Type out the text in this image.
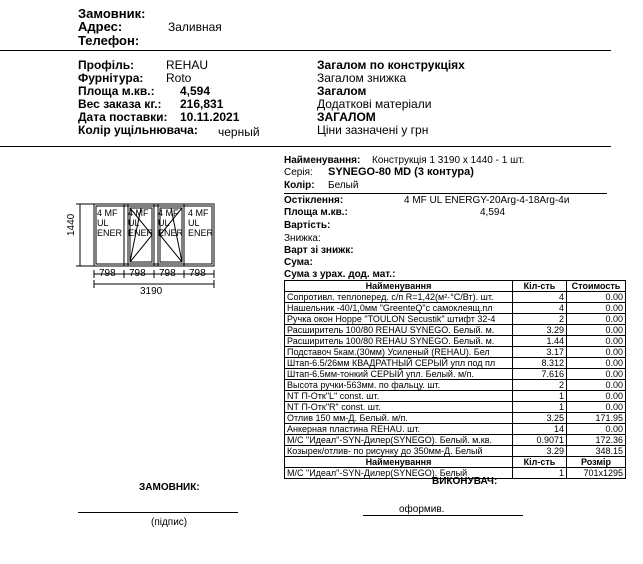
Замовник:
Адрес:	Заливная
Телефон:
Профіль:	REHAU
Фурнітура: Roto
Площа м.кв.: 4,594
Вес заказа кг.: 216,831
Дата поставки: 10.11.2021
Колір ущільнювача: черный
Загалом по конструкціях
Загалом знижка
Загалом
Додаткові матеріали
ЗАГАЛОМ
Ціни зазначені у грн
Найменування: Конструкція 1 3190 x 1440 - 1 шт.
Серія: SYNEGO-80 MD (3 контура)
Колір: Белый
Остіклення:	4 MF UL ENERGY-20Arg-4-18Arg-4и
Площа м.кв.:	4,594
Вартість:
Знижка:
Варт зі знижк:
Сума:
Сума з урах. дод. мат.:
1440
4 MF UL ENER
4 MF UL ENER
4 MF UL ENER
4 MF UL ENER
798 798 798 798
3190	Найменування	Кіл-сть	Стоимость
Сопротивл. теплоперед. с/п R=1,42(м²·°С/Вт). шт.	4	0.00
Нашельник -40/1,0мм "GreenteQ"с самоклеящ.пл	4	0.00
Ручка окон Hoppe "TOULON Secustik" штифт 32-4	2	0.00
Расширитель 100/80 REHAU SYNEGO. Белый. м.	3.29	0.00
Расширитель 100/80 REHAU SYNEGO. Белый. м.	1.44	0.00
Подставоч 5кам.(30мм) Усиленый (REHAU). Бел	3.17	0.00
Штап-6.5/26мм КВАДРАТНЫЙ СЕРЫЙ упл под пл	8.312	0.00
Штап-6.5мм-тонкий СЕРЫЙ упл. Белый. м/п.	7.616	0.00
Высота ручки-563мм. по фальцу. шт.	2	0.00
NT П-Отк"L" const. шт.	1	0.00
NT П-Отк"R" const. шт.	1	0.00
Отлив 150 мм-Д. Белый. м/п.	3.25	171.95
Анкерная пластина REHAU. шт.	14	0.00
М/С "Идеал"-SYN-Дилер(SYNEGO). Белый. м.кв.	0.9071	172.36
Козырек/отлив- по рисунку до 350мм-Д. Белый	3.29	348.15
Найменування	Кіл-сть	Розмір
М/С "Идеал"-SYN-Дилер(SYNEGO). Белый	1	701x1295
ЗАМОВНИК:
(підпис)
ВИКОНУВАЧ:
оформив.
